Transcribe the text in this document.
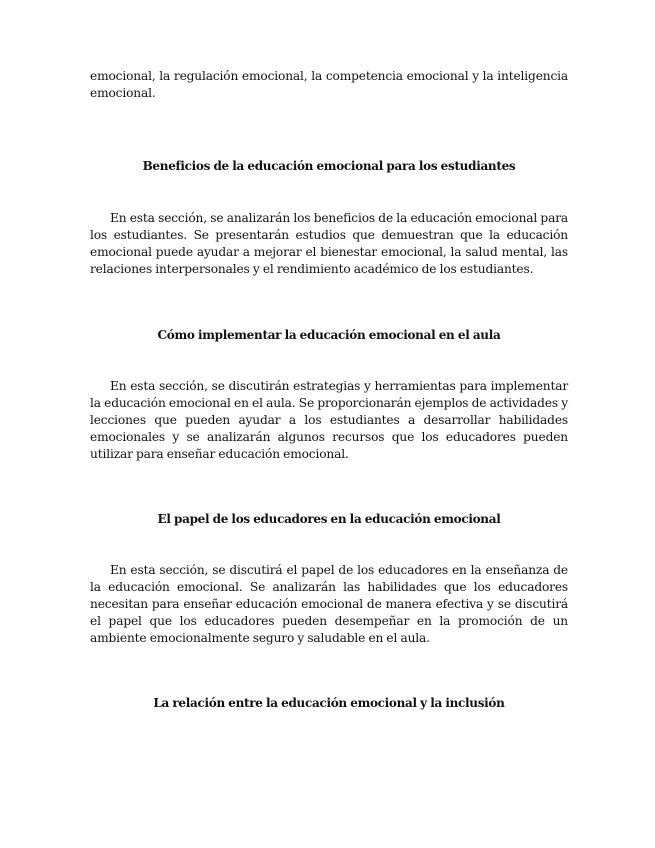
emocional, la regulación emocional, la competencia emocional y la inteligencia emocional.

Beneficios de la educación emocional para los estudiantes

En esta sección, se analizarán los beneficios de la educación emocional para los estudiantes. Se presentarán estudios que demuestran que la educación emocional puede ayudar a mejorar el bienestar emocional, la salud mental, las relaciones interpersonales y el rendimiento académico de los estudiantes.

Cómo implementar la educación emocional en el aula

En esta sección, se discutirán estrategias y herramientas para implementar la educación emocional en el aula. Se proporcionarán ejemplos de actividades y lecciones que pueden ayudar a los estudiantes a desarrollar habilidades emocionales y se analizarán algunos recursos que los educadores pueden utilizar para enseñar educación emocional.

El papel de los educadores en la educación emocional

En esta sección, se discutirá el papel de los educadores en la enseñanza de la educación emocional. Se analizarán las habilidades que los educadores necesitan para enseñar educación emocional de manera efectiva y se discutirá el papel que los educadores pueden desempeñar en la promoción de un ambiente emocionalmente seguro y saludable en el aula.

La relación entre la educación emocional y la inclusión
